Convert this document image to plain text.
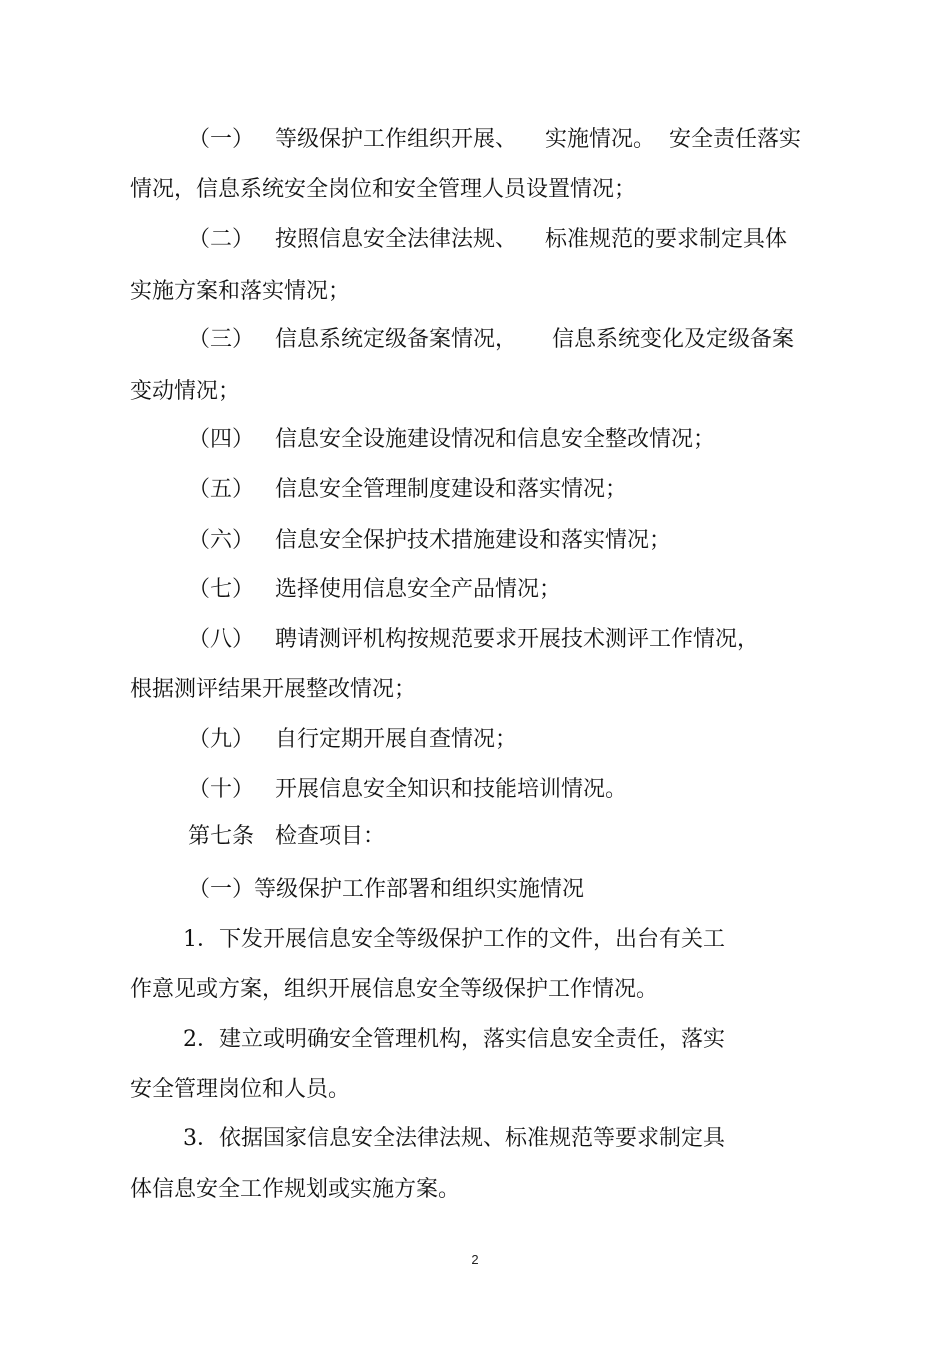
（一）   等级保护工作组织开展、    实施情况。  安全责任落实
情况，信息系统安全岗位和安全管理人员设置情况；
（二）   按照信息安全法律法规、    标准规范的要求制定具体
实施方案和落实情况；
（三）   信息系统定级备案情况，     信息系统变化及定级备案
变动情况；
（四）   信息安全设施建设情况和信息安全整改情况；
（五）   信息安全管理制度建设和落实情况；
（六）   信息安全保护技术措施建设和落实情况；
（七）   选择使用信息安全产品情况；
（八）   聘请测评机构按规范要求开展技术测评工作情况，
根据测评结果开展整改情况；
（九）   自行定期开展自查情况；
（十）   开展信息安全知识和技能培训情况。
第七条   检查项目：
（一）等级保护工作部署和组织实施情况
1．下发开展信息安全等级保护工作的文件，出台有关工
作意见或方案，组织开展信息安全等级保护工作情况。
2．建立或明确安全管理机构，落实信息安全责任，落实
安全管理岗位和人员。
3．依据国家信息安全法律法规、标准规范等要求制定具
体信息安全工作规划或实施方案。
2
